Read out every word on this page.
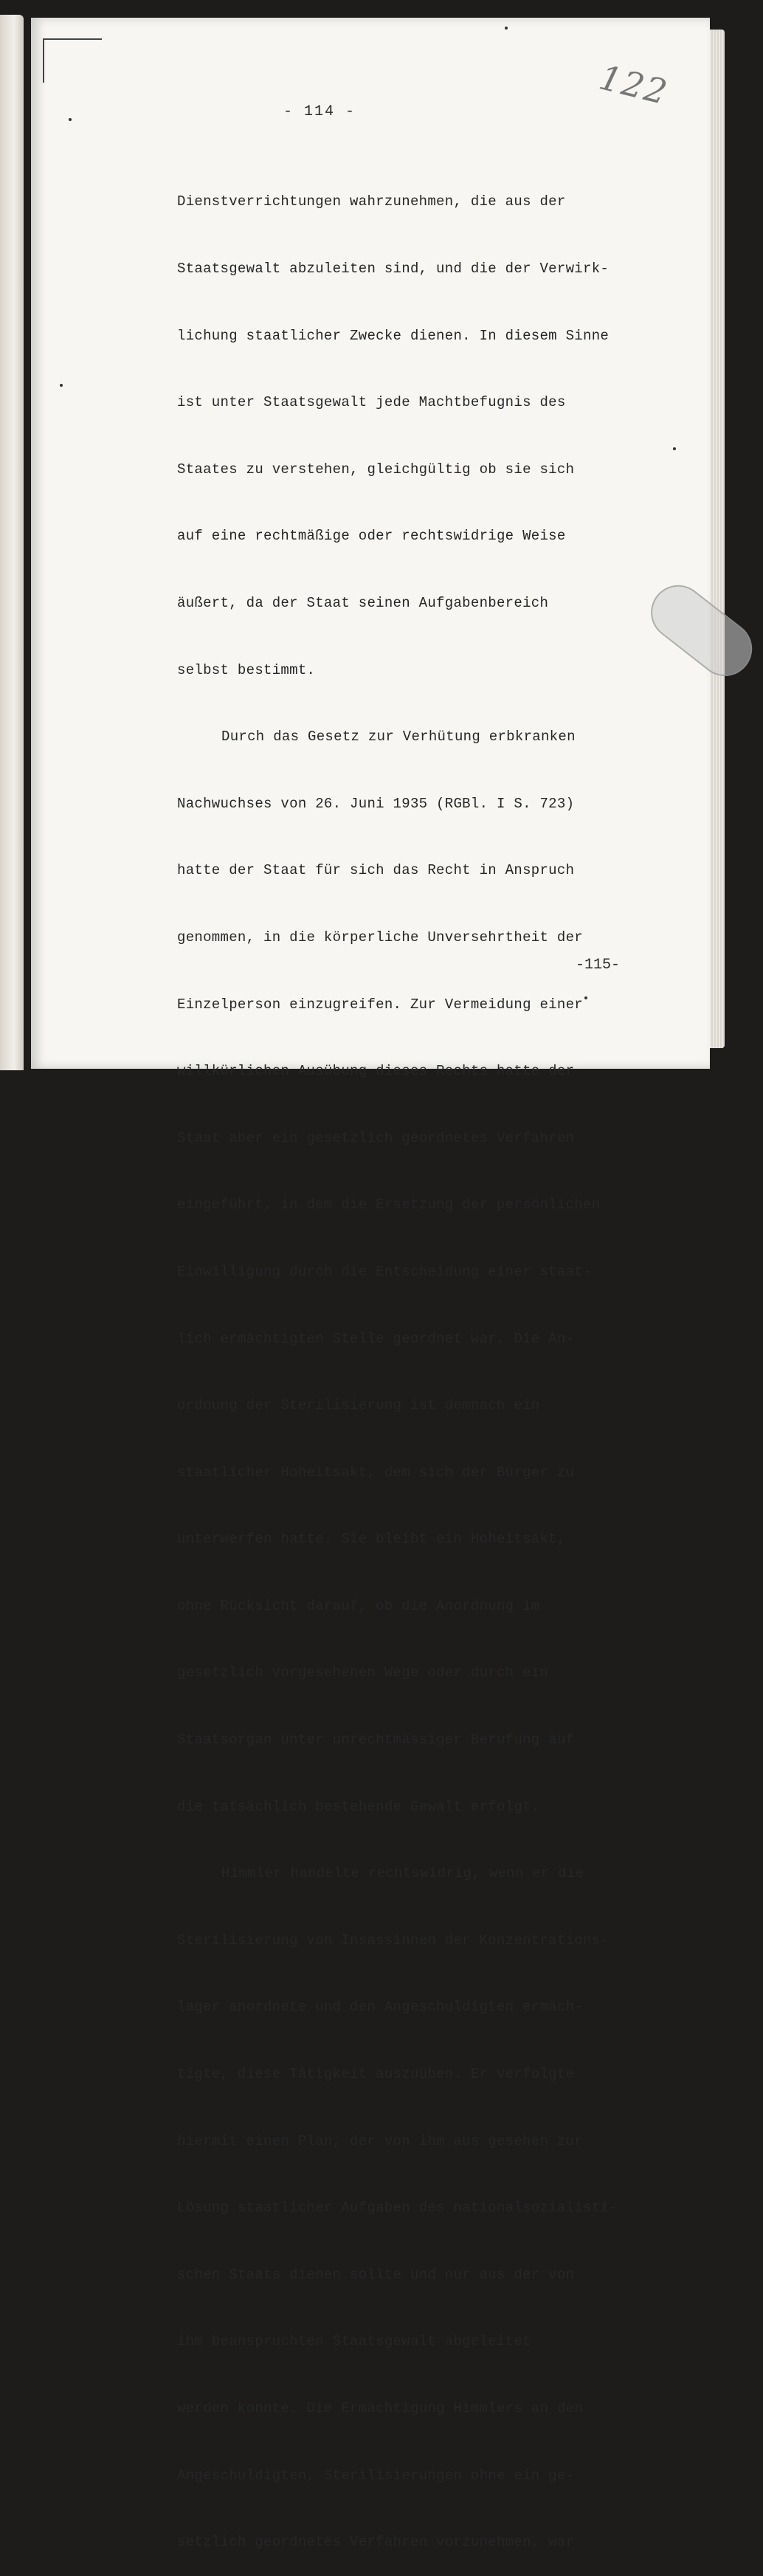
122
- 114 -

Dienstverrichtungen wahrzunehmen, die aus der

Staatsgewalt abzuleiten sind, und die der Verwirk-

lichung staatlicher Zwecke dienen. In diesem Sinne

ist unter Staatsgewalt jede Machtbefugnis des

Staates zu verstehen, gleichgültig ob sie sich

auf eine rechtmäßige oder rechtswidrige Weise

äußert, da der Staat seinen Aufgabenbereich

selbst bestimmt.

Durch das Gesetz zur Verhütung erbkranken

Nachwuchses von 26. Juni 1935 (RGBl. I S. 723)

hatte der Staat für sich das Recht in Anspruch

genommen, in die körperliche Unversehrtheit der

Einzelperson einzugreifen. Zur Vermeidung einer

willkürlichen Ausübung dieses Rechts hatte der

Staat aber ein gesetzlich geordnetes Verfahren

eingeführt, in dem die Ersetzung der persönlichen

Einwilligung durch die Entscheidung einer staat-

lich ermächtigten Stelle geordnet war. Die An-

ordnung der Sterilisierung ist demnach ein

staatlicher Hoheitsakt, dem sich der Bürger zu

unterwerfen hatte. Sie bleibt ein Hoheitsakt,

ohne Rücksicht darauf, ob die Anordnung im

gesetzlich vorgesehenen Wege oder durch ein

Staatsorgan unter unrechtmässiger Berufung auf

die tatsächlich bestehende Gewalt erfolgt.

Himmler handelte rechtswidrig, wenn er die

Sterilisierung von Insassinnen der Konzentrations-

lager anordnete und den Angeschuldigten ermäch-

tigte, diese Tätigkeit auszuüben. Er verfolgte

hiermit einen Plan, der von ihm aus gesehen zur

Lösung staatlicher Aufgaben des nationalsozialisti-

schen Staats dienen sollte und nur aus der von

ihm beanspruchten Staatsgewalt abgeleitet

werden konnte. Die Ermächtigung Himmlers an den

Angeschuldigten, Sterilisierungen ohne ein ge-

setzlich geordnetes Verfahren vorzunehmen, war

-115-
